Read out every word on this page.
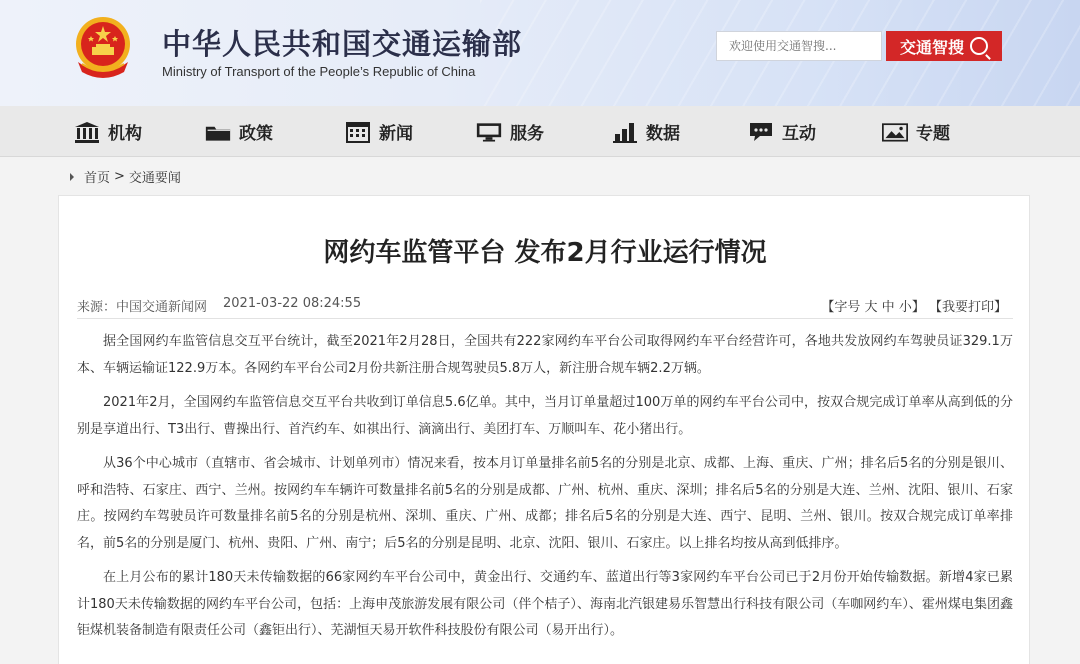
中华人民共和国交通运输部
Ministry of Transport of the People’s Republic of China
欢迎使用交通智搜...
交通智搜
机构	政策	新闻	服务	数据	互动	专题
首页 > 交通要闻
网约车监管平台 发布2月行业运行情况
来源：中国交通新闻网 2021-03-22 08:24:55	【字号 大 中 小】 【我要打印】

据全国网约车监管信息交互平台统计，截至2021年2月28日，全国共有222家网约车平台公司取得网约车平台经营许可，各地共发放网约车驾驶员证329.1万本、车辆运输证122.9万本。各网约车平台公司2月份共新注册合规驾驶员5.8万人，新注册合规车辆2.2万辆。

2021年2月，全国网约车监管信息交互平台共收到订单信息5.6亿单。其中，当月订单量超过100万单的网约车平台公司中，按双合规完成订单率从高到低的分别是享道出行、T3出行、曹操出行、首汽约车、如祺出行、滴滴出行、美团打车、万顺叫车、花小猪出行。

从36个中心城市（直辖市、省会城市、计划单列市）情况来看，按本月订单量排名前5名的分别是北京、成都、上海、重庆、广州；排名后5名的分别是银川、呼和浩特、石家庄、西宁、兰州。按网约车车辆许可数量排名前5名的分别是成都、广州、杭州、重庆、深圳；排名后5名的分别是大连、兰州、沈阳、银川、石家庄。按网约车驾驶员许可数量排名前5名的分别是杭州、深圳、重庆、广州、成都；排名后5名的分别是大连、西宁、昆明、兰州、银川。按双合规完成订单率排名，前5名的分别是厦门、杭州、贵阳、广州、南宁；后5名的分别是昆明、北京、沈阳、银川、石家庄。以上排名均按从高到低排序。

在上月公布的累计180天未传输数据的66家网约车平台公司中，黄金出行、交通约车、蓝道出行等3家网约车平台公司已于2月份开始传输数据。新增4家已累计180天未传输数据的网约车平台公司，包括：上海申茂旅游发展有限公司（伴个桔子）、海南北汽银建易乐智慧出行科技有限公司（车咖网约车）、霍州煤电集团鑫钜煤机装备制造有限责任公司（鑫钜出行）、芜湖恒天易开软件科技股份有限公司（易开出行）。
